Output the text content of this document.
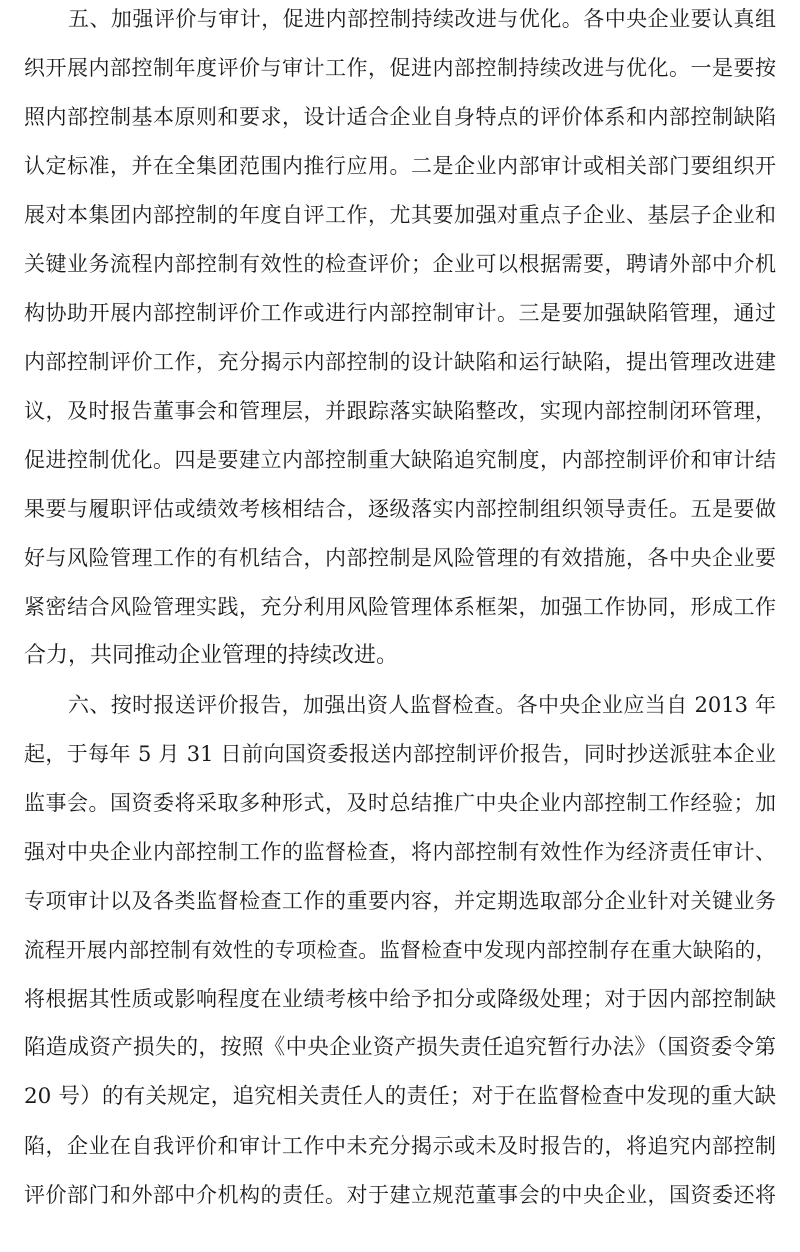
五、加强评价与审计，促进内部控制持续改进与优化。各中央企业要认真组
织开展内部控制年度评价与审计工作，促进内部控制持续改进与优化。一是要按
照内部控制基本原则和要求，设计适合企业自身特点的评价体系和内部控制缺陷
认定标准，并在全集团范围内推行应用。二是企业内部审计或相关部门要组织开
展对本集团内部控制的年度自评工作，尤其要加强对重点子企业、基层子企业和
关键业务流程内部控制有效性的检查评价；企业可以根据需要，聘请外部中介机
构协助开展内部控制评价工作或进行内部控制审计。三是要加强缺陷管理，通过
内部控制评价工作，充分揭示内部控制的设计缺陷和运行缺陷，提出管理改进建
议，及时报告董事会和管理层，并跟踪落实缺陷整改，实现内部控制闭环管理，
促进控制优化。四是要建立内部控制重大缺陷追究制度，内部控制评价和审计结
果要与履职评估或绩效考核相结合，逐级落实内部控制组织领导责任。五是要做
好与风险管理工作的有机结合，内部控制是风险管理的有效措施，各中央企业要
紧密结合风险管理实践，充分利用风险管理体系框架，加强工作协同，形成工作
合力，共同推动企业管理的持续改进。
六、按时报送评价报告，加强出资人监督检查。各中央企业应当自 2013 年
起，于每年 5 月 31 日前向国资委报送内部控制评价报告，同时抄送派驻本企业
监事会。国资委将采取多种形式，及时总结推广中央企业内部控制工作经验；加
强对中央企业内部控制工作的监督检查，将内部控制有效性作为经济责任审计、
专项审计以及各类监督检查工作的重要内容，并定期选取部分企业针对关键业务
流程开展内部控制有效性的专项检查。监督检查中发现内部控制存在重大缺陷的，
将根据其性质或影响程度在业绩考核中给予扣分或降级处理；对于因内部控制缺
陷造成资产损失的，按照《中央企业资产损失责任追究暂行办法》（国资委令第
20 号）的有关规定，追究相关责任人的责任；对于在监督检查中发现的重大缺
陷，企业在自我评价和审计工作中未充分揭示或未及时报告的，将追究内部控制
评价部门和外部中介机构的责任。对于建立规范董事会的中央企业，国资委还将
